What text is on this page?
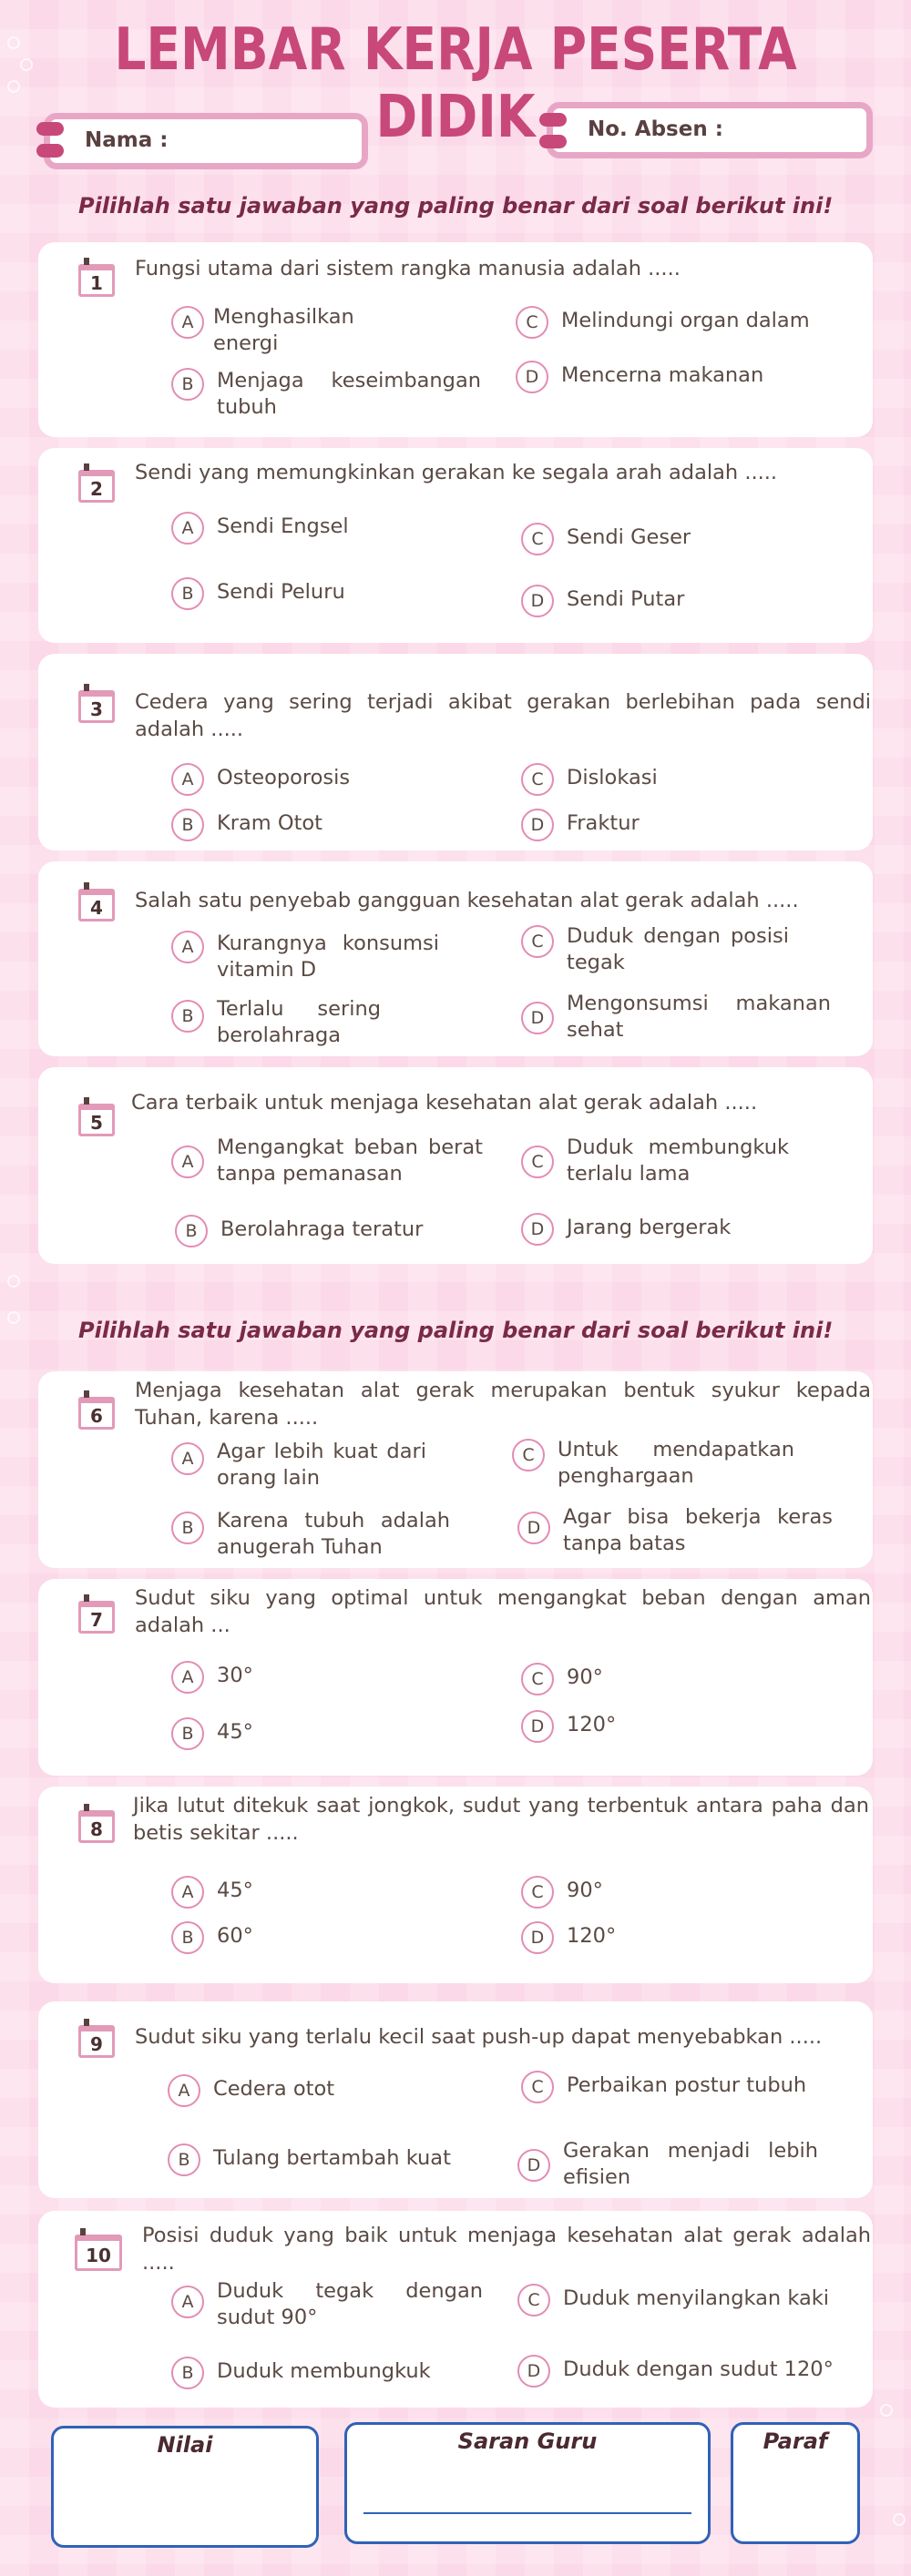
LEMBAR KERJA PESERTA DIDIK
Nama :	No. Absen :
Pilihlah satu jawaban yang paling benar dari soal berikut ini!
1
Fungsi utama dari sistem rangka manusia adalah .....
A Menghasilkan energi
B	Menjaga keseimbangan tubuh
C	Melindungi organ dalam
D	Mencerna makanan
2
Sendi yang memungkinkan gerakan ke segala arah adalah .....
A	Sendi Engsel
B	Sendi Peluru
C	Sendi Geser
D	Sendi Putar
3	Cedera yang sering terjadi akibat gerakan berlebihan pada sendi adalah .....
A	Osteoporosis
B	Kram Otot
C	Dislokasi
D	Fraktur
4	Salah satu penyebab gangguan kesehatan alat gerak adalah .....
A	Kurangnya konsumsi vitamin D
B	Terlalu sering berolahraga
C	Duduk dengan posisi tegak
D
Mengonsumsi makanan sehat
5
Cara terbaik untuk menjaga kesehatan alat gerak adalah .....
A
Mengangkat beban berat tanpa pemanasan
B	Berolahraga teratur
C
Duduk membungkuk terlalu lama
D	Jarang bergerak
Pilihlah satu jawaban yang paling benar dari soal berikut ini!
6
Menjaga kesehatan alat gerak merupakan bentuk syukur kepada Tuhan, karena .....
A	Agar lebih kuat dari orang lain
B	Karena tubuh adalah anugerah Tuhan
C	Untuk mendapatkan penghargaan
D	Agar bisa bekerja keras tanpa batas
7
Sudut siku yang optimal untuk mengangkat beban dengan aman adalah ...
A	30°
B	45°
C	90°
D	120°
8
Jika lutut ditekuk saat jongkok, sudut yang terbentuk antara paha dan betis sekitar .....
A	45°
B	60°
C	90°
D	120°
9	Sudut siku yang terlalu kecil saat push-up dapat menyebabkan .....
A	Cedera otot
B	Tulang bertambah kuat
C	Perbaikan postur tubuh
D
Gerakan menjadi lebih efisien
10
Posisi duduk yang baik untuk menjaga kesehatan alat gerak adalah .....
A	Duduk tegak dengan sudut 90°
B	Duduk membungkuk
C	Duduk menyilangkan kaki
D	Duduk dengan sudut 120°
Nilai	Saran Guru	Paraf
